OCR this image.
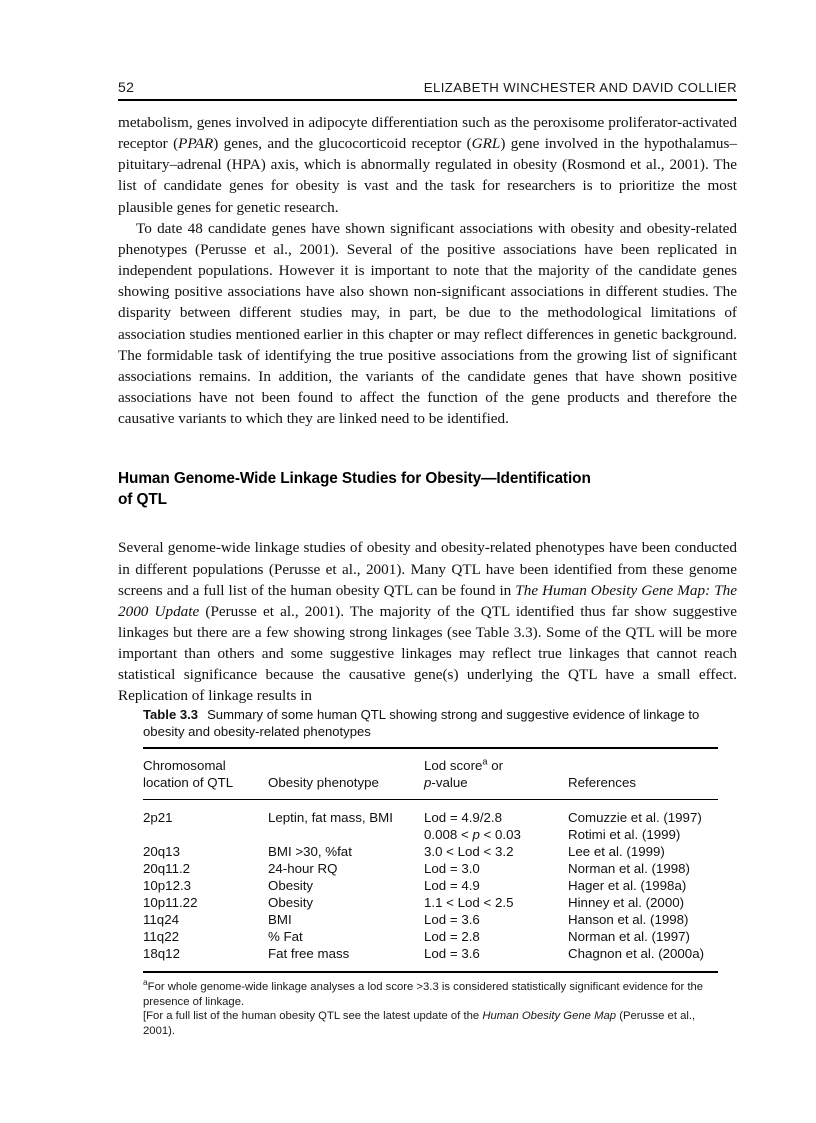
52	ELIZABETH WINCHESTER AND DAVID COLLIER

metabolism, genes involved in adipocyte differentiation such as the peroxisome proliferator-activated receptor (PPAR) genes, and the glucocorticoid receptor (GRL) gene involved in the hypothalamus–pituitary–adrenal (HPA) axis, which is abnormally regulated in obesity (Rosmond et al., 2001). The list of candidate genes for obesity is vast and the task for researchers is to prioritize the most plausible genes for genetic research.

To date 48 candidate genes have shown significant associations with obesity and obesity-related phenotypes (Perusse et al., 2001). Several of the positive associations have been replicated in independent populations. However it is important to note that the majority of the candidate genes showing positive associations have also shown non-significant associations in different studies. The disparity between different studies may, in part, be due to the methodological limitations of association studies mentioned earlier in this chapter or may reflect differences in genetic background. The formidable task of identifying the true positive associations from the growing list of significant associations remains. In addition, the variants of the candidate genes that have shown positive associations have not been found to affect the function of the gene products and therefore the causative variants to which they are linked need to be identified.

Human Genome-Wide Linkage Studies for Obesity—Identification
of QTL

Several genome-wide linkage studies of obesity and obesity-related phenotypes have been conducted in different populations (Perusse et al., 2001). Many QTL have been identified from these genome screens and a full list of the human obesity QTL can be found in The Human Obesity Gene Map: The 2000 Update (Perusse et al., 2001). The majority of the QTL identified thus far show suggestive linkages but there are a few showing strong linkages (see Table 3.3). Some of the QTL will be more important than others and some suggestive linkages may reflect true linkages that cannot reach statistical significance because the causative gene(s) underlying the QTL have a small effect. Replication of linkage results in

Table 3.3 Summary of some human QTL showing strong and suggestive evidence of linkage to obesity and obesity-related phenotypes

Chromosomal
location of QTL	Obesity phenotype	Lod score$^a$ or
p-value	References
2p21	Leptin, fat mass, BMI	Lod = 4.9/2.8	Comuzzie et al. (1997)
		0.008 < p < 0.03	Rotimi et al. (1999)
20q13	BMI >30, %fat	3.0 < Lod < 3.2	Lee et al. (1999)
20q11.2	24-hour RQ	Lod = 3.0	Norman et al. (1998)
10p12.3	Obesity	Lod = 4.9	Hager et al. (1998a)
10p11.22	Obesity	1.1 < Lod < 2.5	Hinney et al. (2000)
11q24	BMI	Lod = 3.6	Hanson et al. (1998)
11q22	% Fat	Lod = 2.8	Norman et al. (1997)
18q12	Fat free mass	Lod = 3.6	Chagnon et al. (2000a)

$^a$For whole genome-wide linkage analyses a lod score >3.3 is considered statistically significant evidence for the presence of linkage.

[For a full list of the human obesity QTL see the latest update of the Human Obesity Gene Map (Perusse et al., 2001).
